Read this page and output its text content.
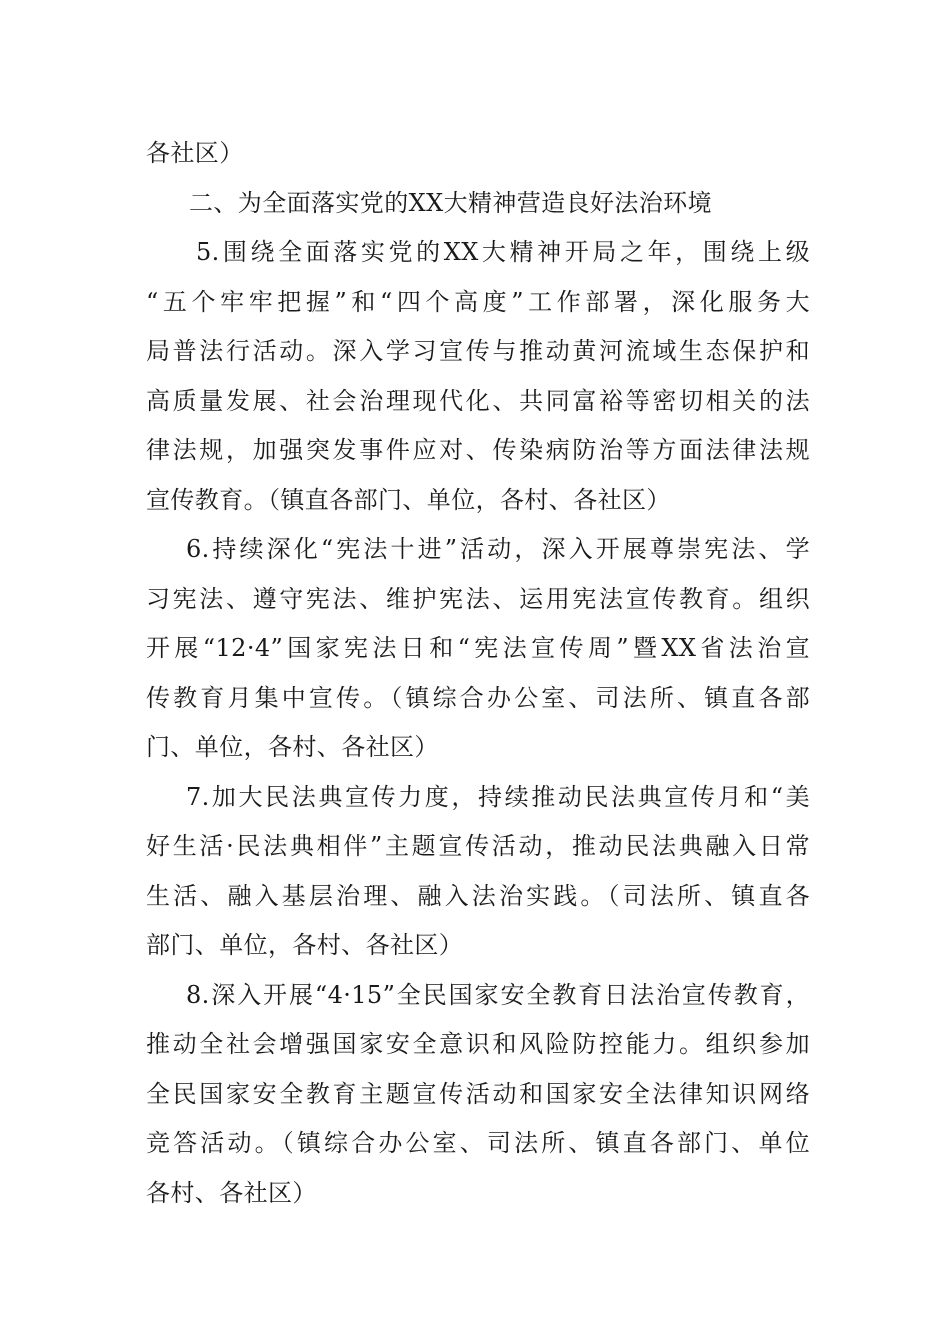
各社区）

二、为全面落实党的XX大精神营造良好法治环境

5.围绕全面落实党的XX大精神开局之年，围绕上级
“五个牢牢把握”和“四个高度”工作部署，深化服务大
局普法行活动。深入学习宣传与推动黄河流域生态保护和
高质量发展、社会治理现代化、共同富裕等密切相关的法
律法规，加强突发事件应对、传染病防治等方面法律法规
宣传教育。（镇直各部门、单位，各村、各社区）

6.持续深化“宪法十进”活动，深入开展尊崇宪法、学
习宪法、遵守宪法、维护宪法、运用宪法宣传教育。组织
开展“12·4”国家宪法日和“宪法宣传周”暨XX省法治宣
传教育月集中宣传。（镇综合办公室、司法所、镇直各部
门、单位，各村、各社区）

7.加大民法典宣传力度，持续推动民法典宣传月和“美
好生活·民法典相伴”主题宣传活动，推动民法典融入日常
生活、融入基层治理、融入法治实践。（司法所、镇直各
部门、单位，各村、各社区）

8.深入开展“4·15”全民国家安全教育日法治宣传教育，
推动全社会增强国家安全意识和风险防控能力。组织参加
全民国家安全教育主题宣传活动和国家安全法律知识网络
竞答活动。（镇综合办公室、司法所、镇直各部门、单位
各村、各社区）
